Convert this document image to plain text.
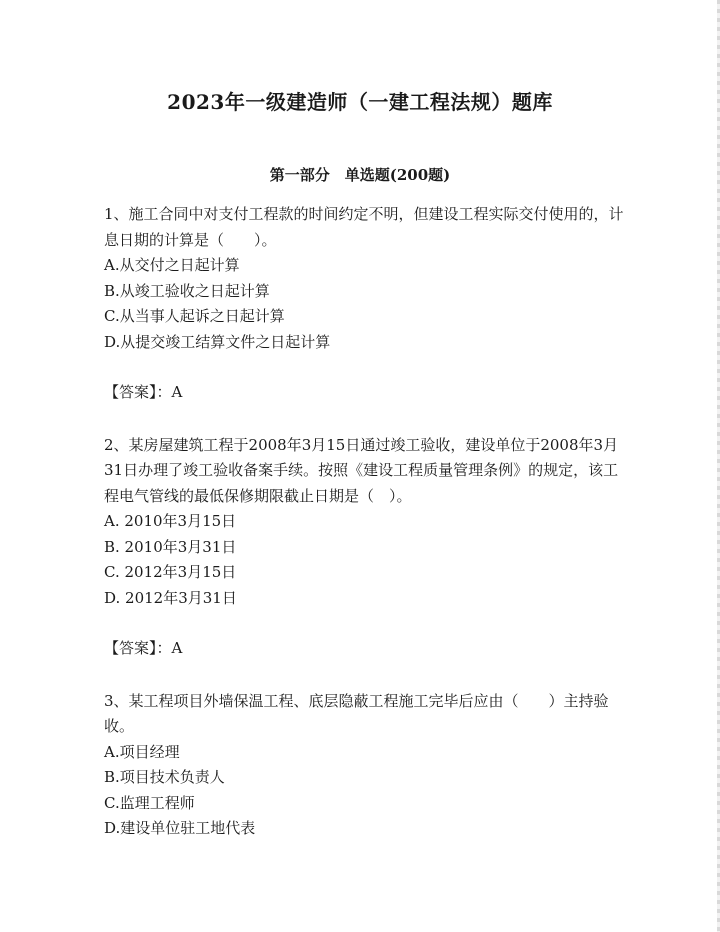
2023年一级建造师（一建工程法规）题库
第一部分　单选题(200题)

1、施工合同中对支付工程款的时间约定不明，但建设工程实际交付使用的，计息日期的计算是（　　）。

A.从交付之日起计算
B.从竣工验收之日起计算
C.从当事人起诉之日起计算
D.从提交竣工结算文件之日起计算

【答案】：A

2、某房屋建筑工程于2008年3月15日通过竣工验收，建设单位于2008年3月31日办理了竣工验收备案手续。按照《建设工程质量管理条例》的规定，该工程电气管线的最低保修期限截止日期是（　）。

A. 2010年3月15日
B. 2010年3月31日
C. 2012年3月15日
D. 2012年3月31日

【答案】：A

3、某工程项目外墙保温工程、底层隐蔽工程施工完毕后应由（　　）主持验收。

A.项目经理
B.项目技术负责人
C.监理工程师
D.建设单位驻工地代表
